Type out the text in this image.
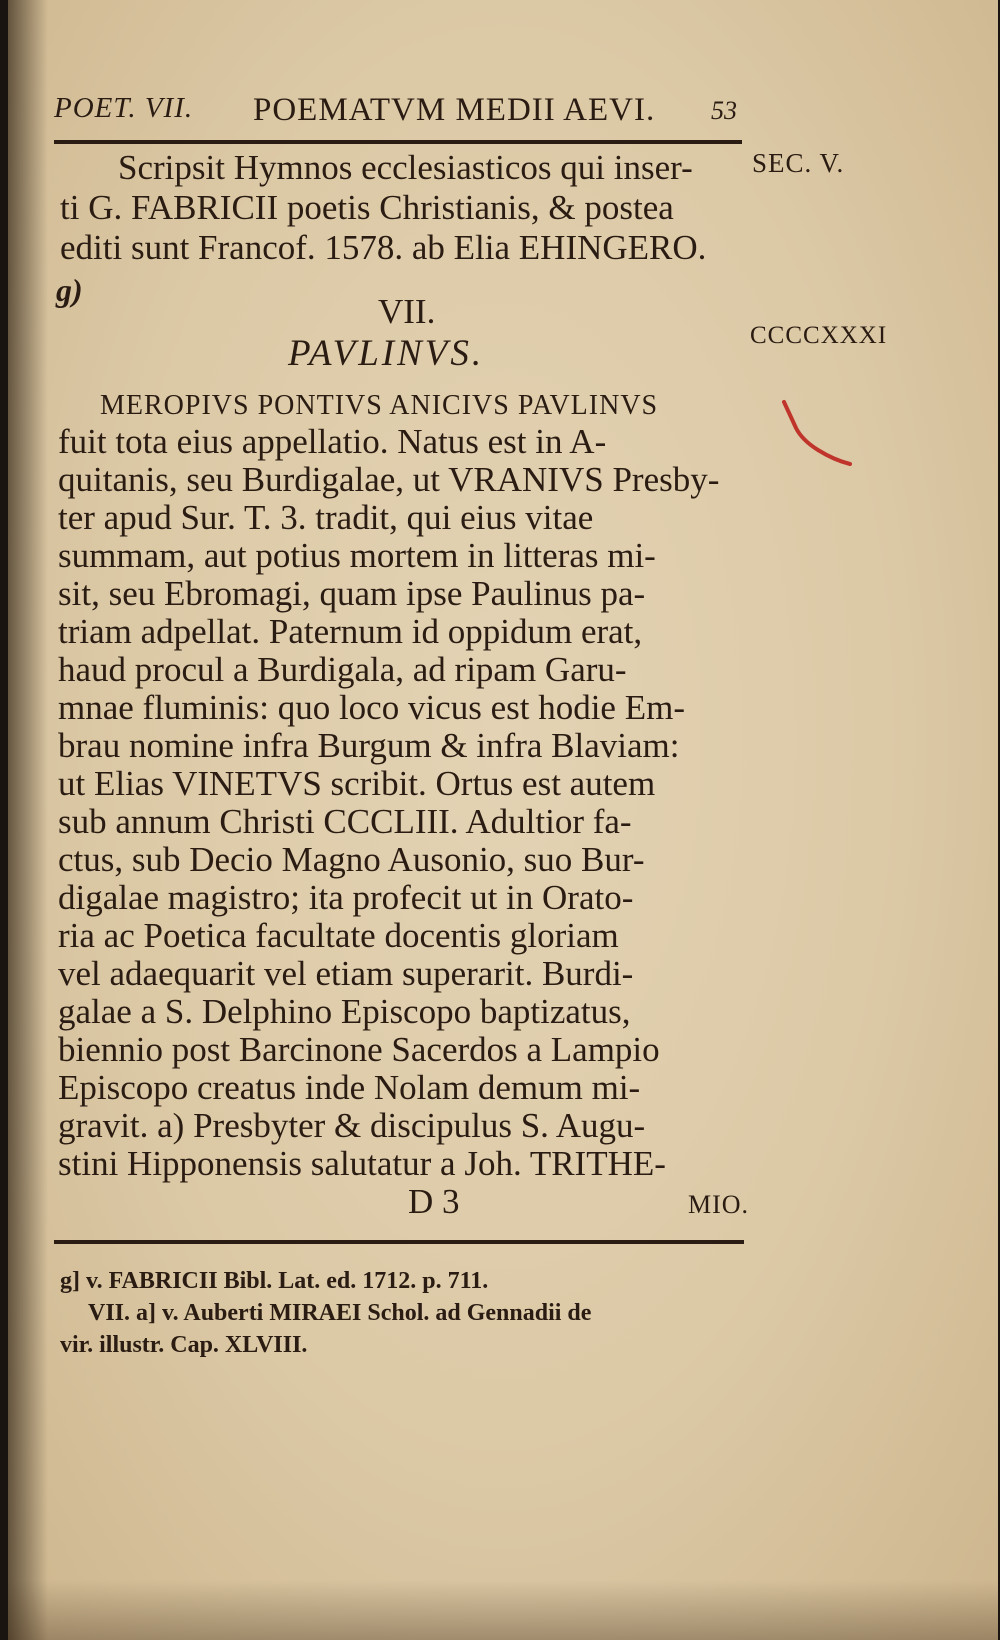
POET. VII. POEMATVM MEDII AEVI. 53
SEC. V.
CCCCXXXI
Scripsit Hymnos ecclesiasticos qui inser-
ti G. FABRICII poetis Christianis, & postea
editi sunt Francof. 1578. ab Elia EHINGERO.
g)
VII.
PAVLINVS.
MEROPIVS PONTIVS ANICIVS PAVLINVS
fuit tota eius appellatio. Natus est in A-
quitanis, seu Burdigalae, ut VRANIVS Presby-
ter apud Sur. T. 3. tradit, qui eius vitae
summam, aut potius mortem in litteras mi-
sit, seu Ebromagi, quam ipse Paulinus pa-
triam adpellat. Paternum id oppidum erat,
haud procul a Burdigala, ad ripam Garu-
mnae fluminis: quo loco vicus est hodie Em-
brau nomine infra Burgum & infra Blaviam:
ut Elias VINETVS scribit. Ortus est autem
sub annum Christi CCCLIII. Adultior fa-
ctus, sub Decio Magno Ausonio, suo Bur-
digalae magistro; ita profecit ut in Orato-
ria ac Poetica facultate docentis gloriam
vel adaequarit vel etiam superarit. Burdi-
galae a S. Delphino Episcopo baptizatus,
biennio post Barcinone Sacerdos a Lampio
Episcopo creatus inde Nolam demum mi-
gravit. a) Presbyter & discipulus S. Augu-
stini Hipponensis salutatur a Joh. TRITHE-
D 3	MIO.
g] v. FABRICII Bibl. Lat. ed. 1712. p. 711.
VII. a] v. Auberti MIRAEI Schol. ad Gennadii de
vir. illustr. Cap. XLVIII.
